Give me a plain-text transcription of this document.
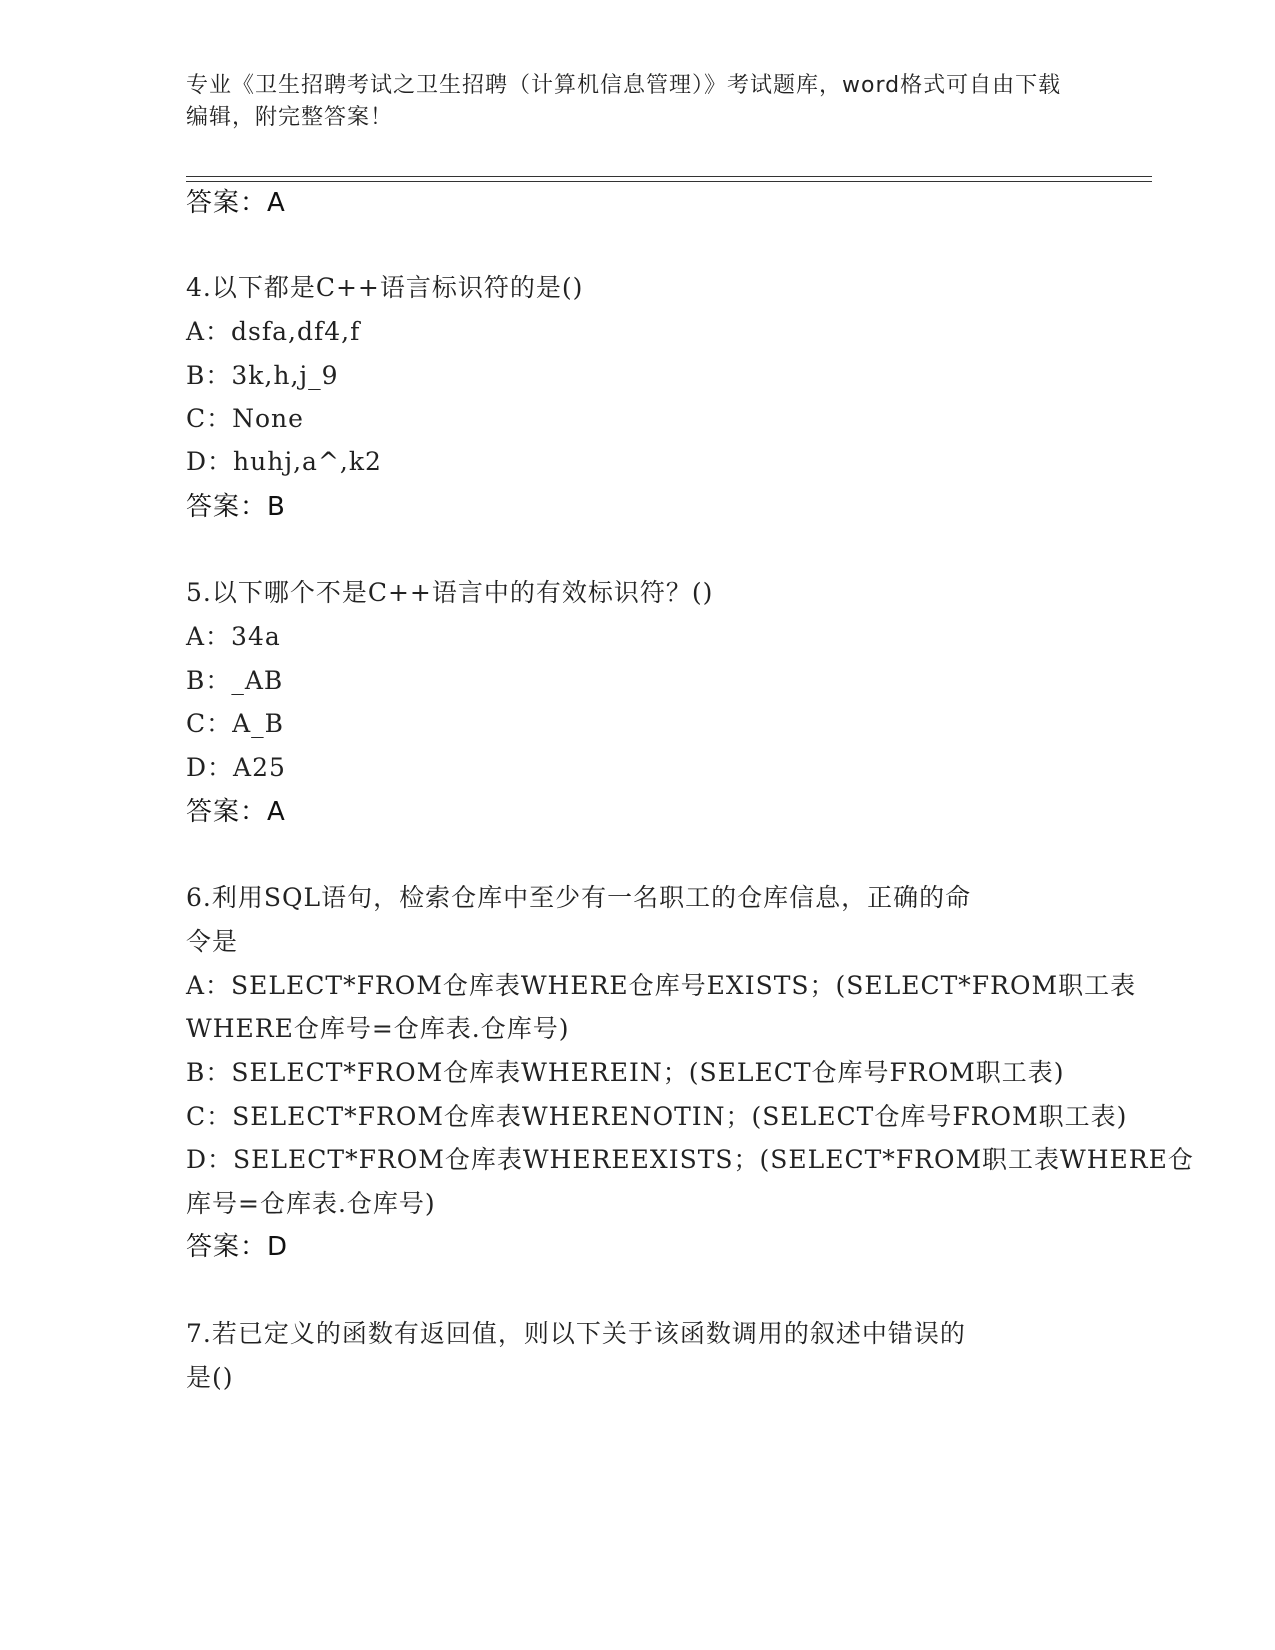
专业《卫生招聘考试之卫生招聘（计算机信息管理）》考试题库，word格式可自由下载编辑，附完整答案！
答案：A
4.以下都是C++语言标识符的是()
A：dsfa,df4,f
B：3k,h,j_9
C：None
D：huhj,a^,k2
答案：B
5.以下哪个不是C++语言中的有效标识符？()
A：34a
B：_AB
C：A_B
D：A25
答案：A
6.利用SQL语句，检索仓库中至少有一名职工的仓库信息，正确的命
令是
A：SELECT*FROM仓库表WHERE仓库号EXISTS；(SELECT*FROM职工表
WHERE仓库号=仓库表.仓库号)
B：SELECT*FROM仓库表WHEREIN；(SELECT仓库号FROM职工表)
C：SELECT*FROM仓库表WHERENOTIN；(SELECT仓库号FROM职工表)
D：SELECT*FROM仓库表WHEREEXISTS；(SELECT*FROM职工表WHERE仓
库号=仓库表.仓库号)
答案：D
7.若已定义的函数有返回值，则以下关于该函数调用的叙述中错误的
是()
